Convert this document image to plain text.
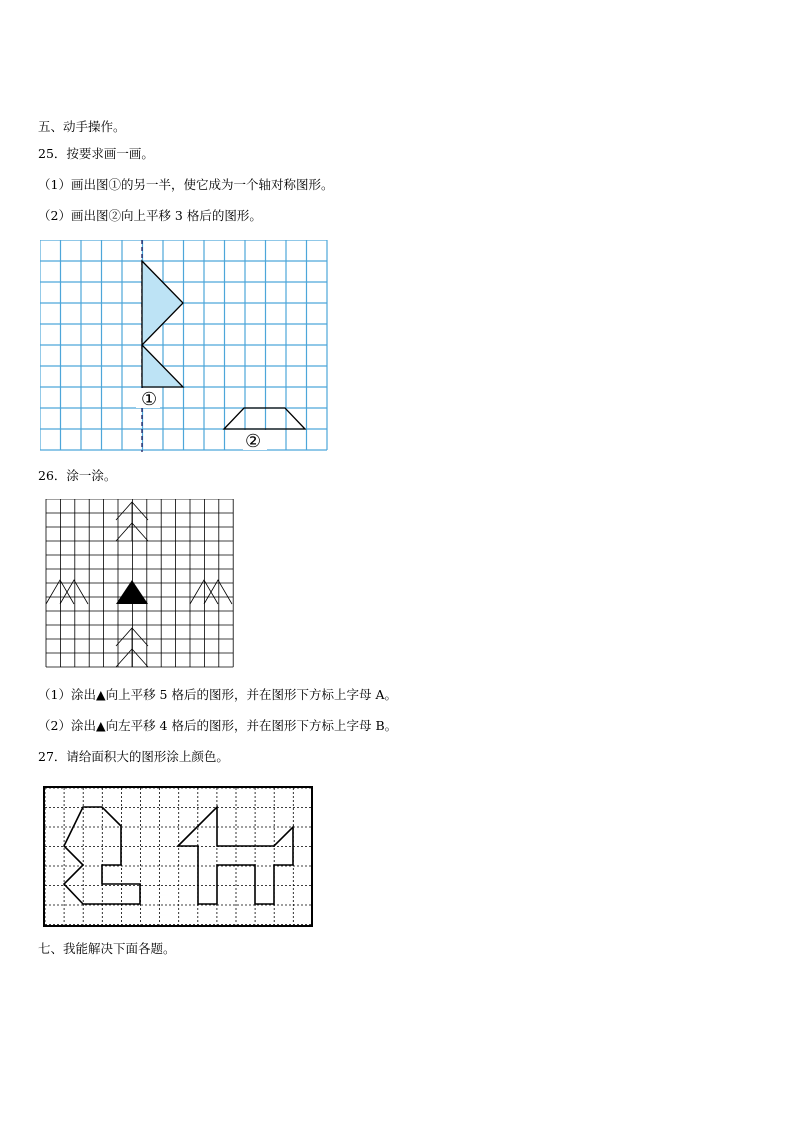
五、动手操作。
25．按要求画一画。
（1）画出图①的另一半，使它成为一个轴对称图形。
（2）画出图②向上平移 3 格后的图形。
①
②
26．涂一涂。
（1）涂出▲向上平移 5 格后的图形，并在图形下方标上字母 A。
（2）涂出▲向左平移 4 格后的图形，并在图形下方标上字母 B。
27．请给面积大的图形涂上颜色。
七、我能解决下面各题。
